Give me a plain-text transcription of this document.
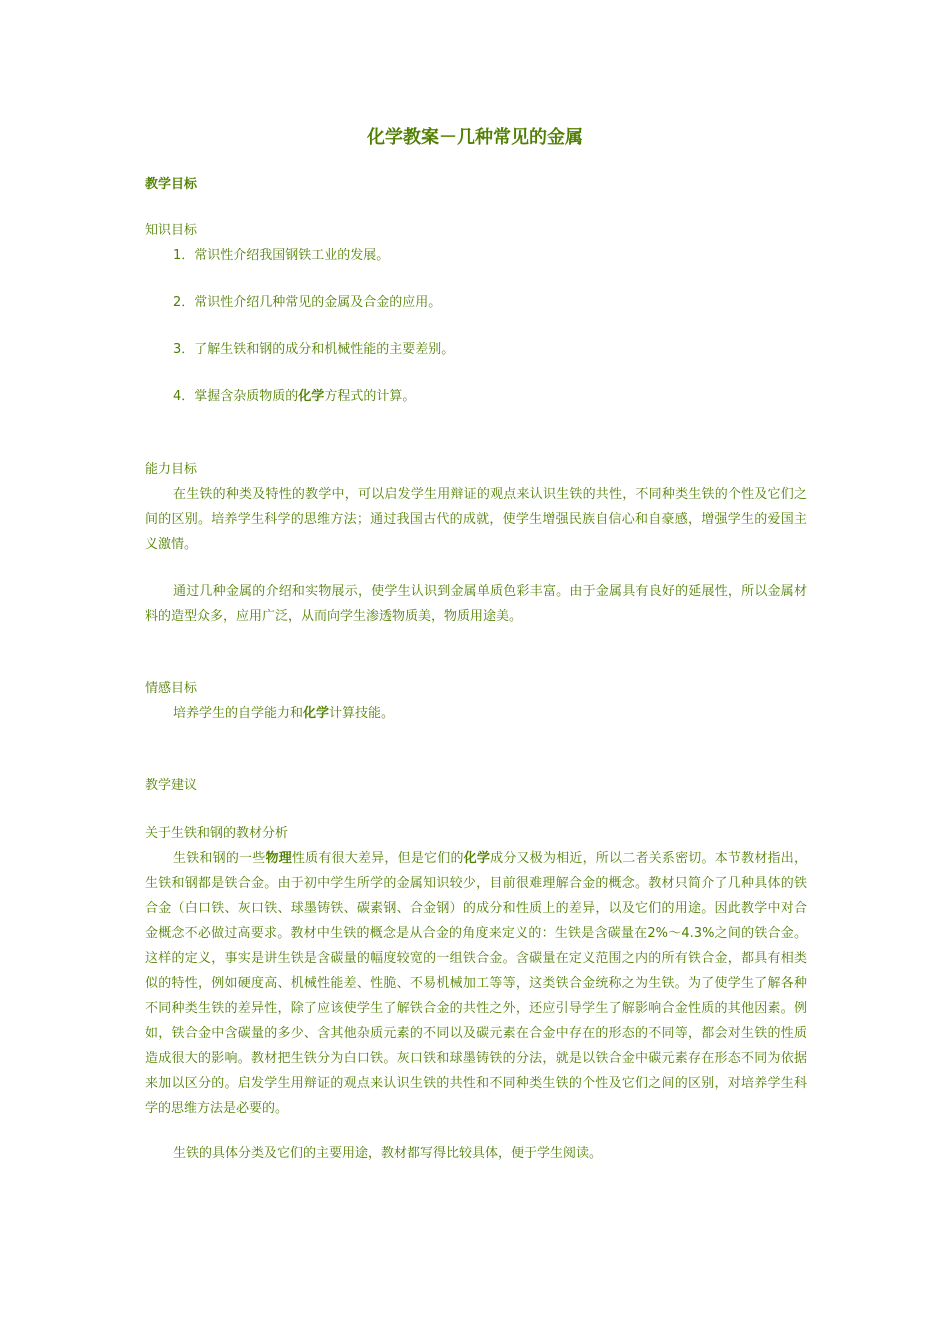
化学教案－几种常见的金属
教学目标
知识目标
1．常识性介绍我国钢铁工业的发展。
2．常识性介绍几种常见的金属及合金的应用。
3．了解生铁和钢的成分和机械性能的主要差别。
4．掌握含杂质物质的化学方程式的计算。
能力目标

在生铁的种类及特性的教学中，可以启发学生用辩证的观点来认识生铁的共性，不同种类生铁的个性及它们之间的区别。培养学生科学的思维方法；通过我国古代的成就，使学生增强民族自信心和自豪感，增强学生的爱国主义激情。

通过几种金属的介绍和实物展示，使学生认识到金属单质色彩丰富。由于金属具有良好的延展性，所以金属材料的造型众多，应用广泛，从而向学生渗透物质美，物质用途美。

情感目标

培养学生的自学能力和化学计算技能。

教学建议
关于生铁和钢的教材分析

生铁和钢的一些物理性质有很大差异，但是它们的化学成分又极为相近，所以二者关系密切。本节教材指出，生铁和钢都是铁合金。由于初中学生所学的金属知识较少，目前很难理解合金的概念。教材只简介了几种具体的铁合金（白口铁、灰口铁、球墨铸铁、碳素钢、合金钢）的成分和性质上的差异，以及它们的用途。因此教学中对合金概念不必做过高要求。教材中生铁的概念是从合金的角度来定义的：生铁是含碳量在2%～4.3%之间的铁合金。这样的定义，事实是讲生铁是含碳量的幅度较宽的一组铁合金。含碳量在定义范围之内的所有铁合金，都具有相类似的特性，例如硬度高、机械性能差、性脆、不易机械加工等等，这类铁合金统称之为生铁。为了使学生了解各种不同种类生铁的差异性，除了应该使学生了解铁合金的共性之外，还应引导学生了解影响合金性质的其他因素。例如，铁合金中含碳量的多少、含其他杂质元素的不同以及碳元素在合金中存在的形态的不同等，都会对生铁的性质造成很大的影响。教材把生铁分为白口铁。灰口铁和球墨铸铁的分法，就是以铁合金中碳元素存在形态不同为依据来加以区分的。启发学生用辩证的观点来认识生铁的共性和不同种类生铁的个性及它们之间的区别，对培养学生科学的思维方法是必要的。

生铁的具体分类及它们的主要用途，教材都写得比较具体，便于学生阅读。
